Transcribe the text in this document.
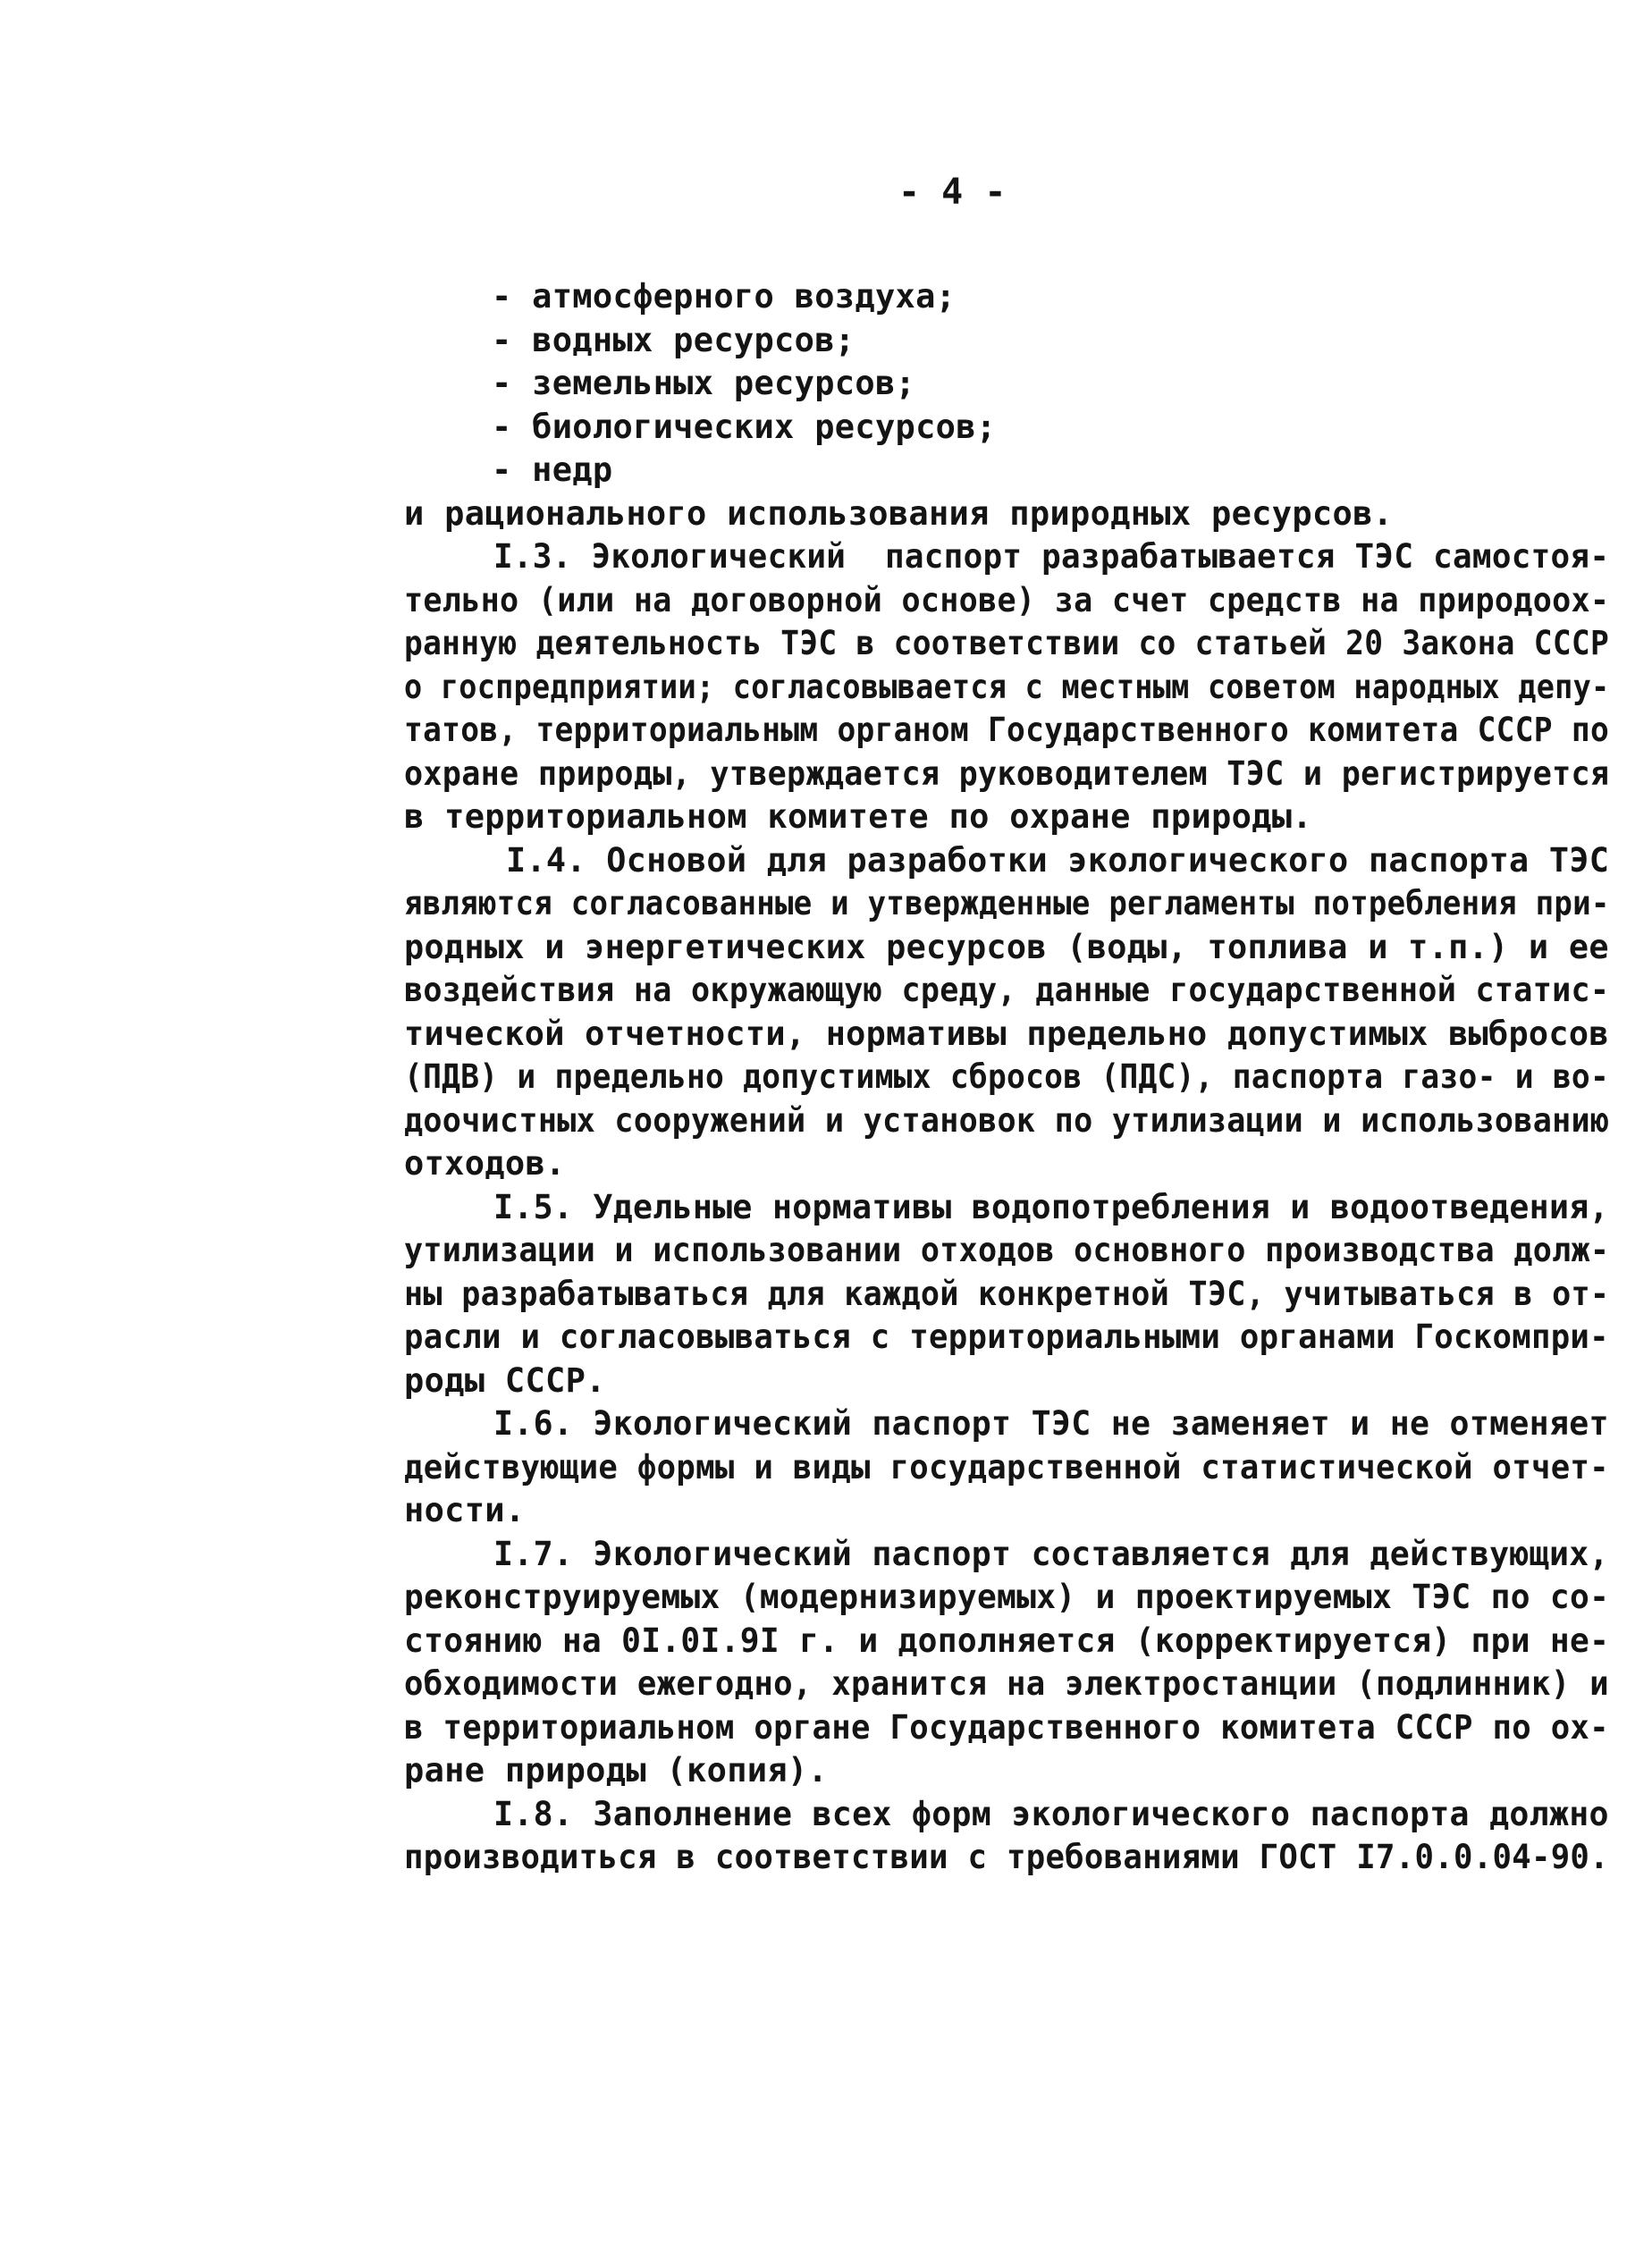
- 4 -

- атмосферного воздуха;

- водных ресурсов;

- земельных ресурсов;

- биологических ресурсов;

- недр

и рационального использования природных ресурсов.

I.3. Экологический  паспорт разрабатывается ТЭС самостоя-

тельно (или на договорной основе) за счет средств на природоох-

ранную деятельность ТЭС в соответствии со статьей 20 Закона СССР

о госпредприятии; согласовывается с местным советом народных депу-

татов, территориальным органом Государственного комитета СССР по

охране природы, утверждается руководителем ТЭС и регистрируется

в территориальном комитете по охране природы.

I.4. Основой для разработки экологического паспорта ТЭС

являются согласованные и утвержденные регламенты потребления при-

родных и энергетических ресурсов (воды, топлива и т.п.) и ее

воздействия на окружающую среду, данные государственной статис-

тической отчетности, нормативы предельно допустимых выбросов

(ПДВ) и предельно допустимых сбросов (ПДС), паспорта газо- и во-

доочистных сооружений и установок по утилизации и использованию

отходов.

I.5. Удельные нормативы водопотребления и водоотведения,

утилизации и использовании отходов основного производства долж-

ны разрабатываться для каждой конкретной ТЭС, учитываться в от-

расли и согласовываться с территориальными органами Госкомпри-

роды СССР.

I.6. Экологический паспорт ТЭС не заменяет и не отменяет

действующие формы и виды государственной статистической отчет-

ности.

I.7. Экологический паспорт составляется для действующих,

реконструируемых (модернизируемых) и проектируемых ТЭС по со-

стоянию на 0I.0I.9I г. и дополняется (корректируется) при не-

обходимости ежегодно, хранится на электростанции (подлинник) и

в территориальном органе Государственного комитета СССР по ох-

ране природы (копия).

I.8. Заполнение всех форм экологического паспорта должно

производиться в соответствии с требованиями ГОСТ I7.0.0.04-90.
